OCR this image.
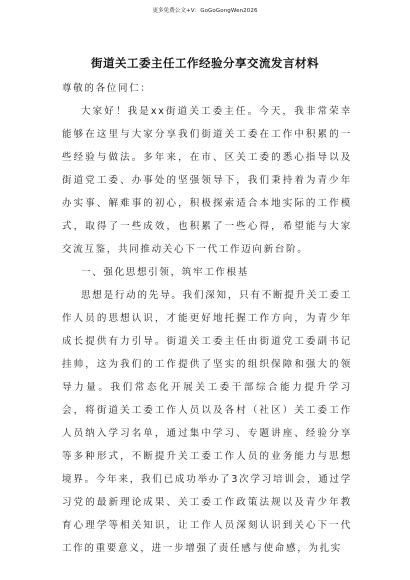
更多免费公文+V：GoGoGongWen2026
街道关工委主任工作经验分享交流发言材料

尊敬的各位同仁：

大家好！我是xx街道关工委主任。今天，我非常荣幸能够在这里与大家分享我们街道关工委在工作中积累的一些经验与做法。多年来，在市、区关工委的悉心指导以及街道党工委、办事处的坚强领导下，我们秉持着为青少年办实事、解难事的初心，积极探索适合本地实际的工作模式，取得了一些成效，也积累了一些心得，希望能与大家交流互鉴，共同推动关心下一代工作迈向新台阶。

一、强化思想引领，筑牢工作根基

思想是行动的先导。我们深知，只有不断提升关工委工作人员的思想认识，才能更好地托握工作方向，为青少年成长提供有力引导。街道关工委主任由街道党工委副书记挂帅，这为我们的工作提供了坚实的组织保障和强大的领导力量。我们常态化开展关工委干部综合能力提升学习会，将街道关工委工作人员以及各村（社区）关工委工作人员纳入学习名单，通过集中学习、专题讲座、经验分享等多种形式，不断提升关工委工作人员的业务能力与思想境界。今年来，我们已成功举办了3次学习培训会，通过学习党的最新理论成果、关工委工作政策法规以及青少年教育心理学等相关知识，让工作人员深刻认识到关心下一代工作的重要意义，进一步增强了责任感与使命感，为扎实
